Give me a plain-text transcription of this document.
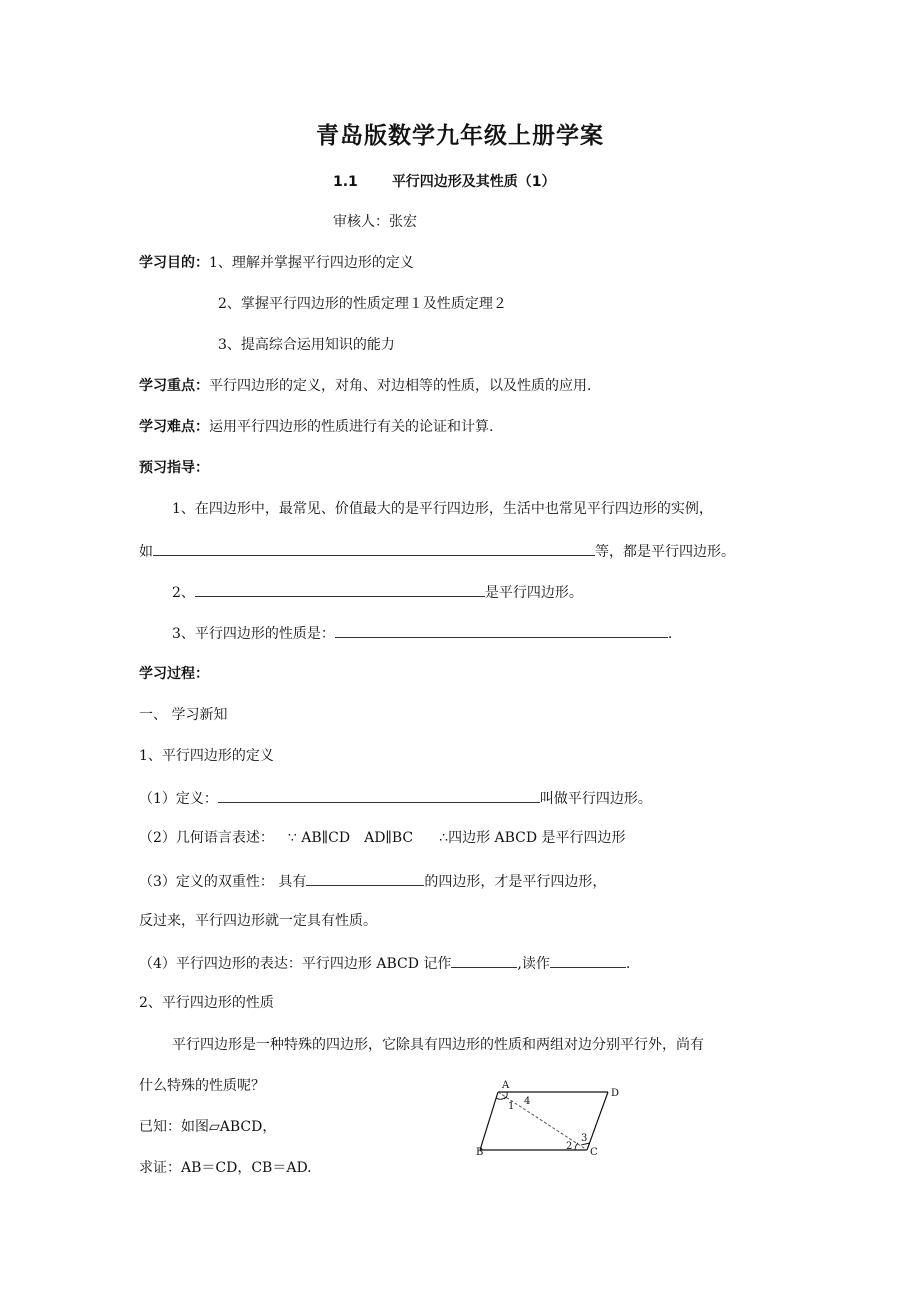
青岛版数学九年级上册学案
1.1 平行四边形及其性质（1）
审核人：张宏
学习目的：1、理解并掌握平行四边形的定义
2、掌握平行四边形的性质定理１及性质定理２
3、提高综合运用知识的能力
学习重点：平行四边形的定义，对角、对边相等的性质，以及性质的应用.
学习难点：运用平行四边形的性质进行有关的论证和计算.
预习指导：
1、在四边形中，最常见、价值最大的是平行四边形，生活中也常见平行四边形的实例，
如	等，都是平行四边形。
2、	是平行四边形。
3、平行四边形的性质是：	.
学习过程：
一、 学习新知
1、平行四边形的定义
（1）定义：	叫做平行四边形。
（2）几何语言表述： ∵ AB∥CD　AD∥BC ∴四边形 ABCD 是平行四边形
（3）定义的双重性： 具有	的四边形，才是平行四边形，
反过来，平行四边形就一定具有性质。
（4）平行四边形的表达：平行四边形 ABCD 记作	,读作	.
2、平行四边形的性质
平行四边形是一种特殊的四边形，它除具有四边形的性质和两组对边分别平行外，尚有
什么特殊的性质呢？
已知：如图▱ABCD，
求证：AB＝CD，CB＝AD.
A
D
B	C
1
2
3
4
